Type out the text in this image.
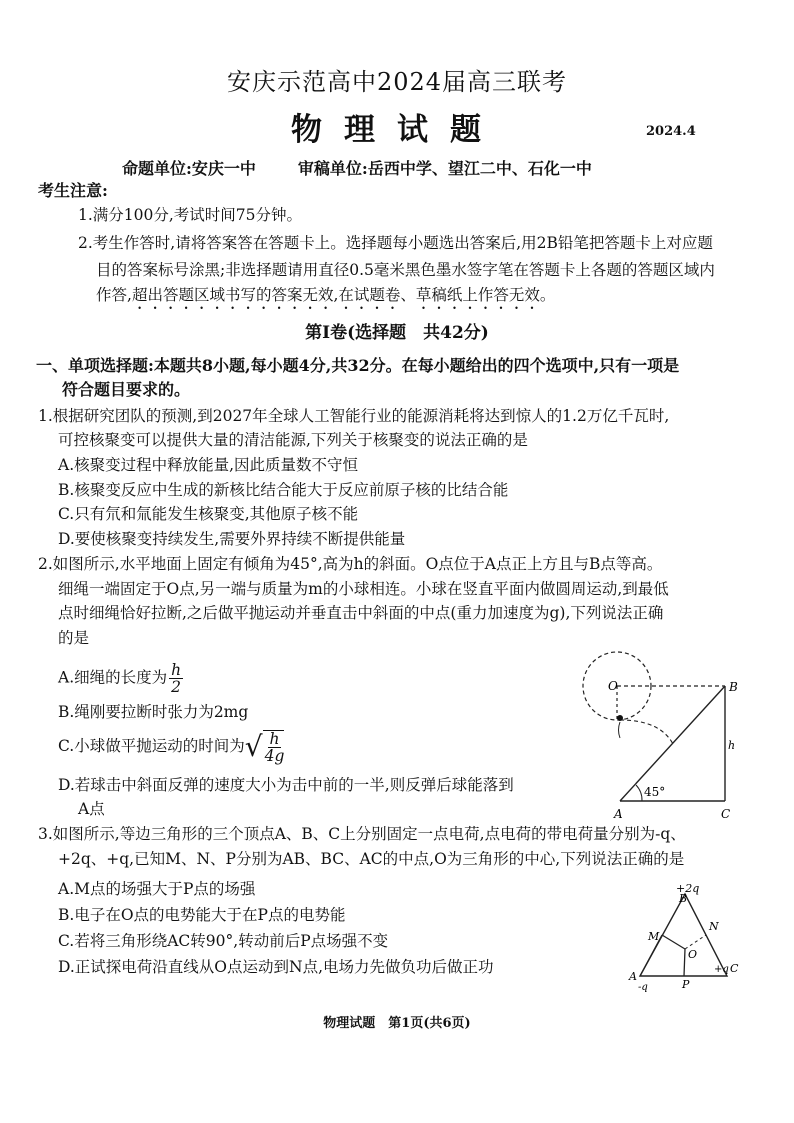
安庆示范高中2024届高三联考
物理试题	2024.4
命题单位:安庆一中	审稿单位:岳西中学、望江二中、石化一中
考生注意:
1.满分100分,考试时间75分钟。
2.考生作答时,请将答案答在答题卡上。选择题每小题选出答案后,用2B铅笔把答题卡上对应题
目的答案标号涂黑;非选择题请用直径0.5毫米黑色墨水签字笔在答题卡上各题的答题区域内
作答,超出答题区域书写的答案无效,在试题卷、草稿纸上作答无效。
第Ⅰ卷(选择题　共42分)
一、单项选择题:本题共8小题,每小题4分,共32分。在每小题给出的四个选项中,只有一项是
符合题目要求的。
1.根据研究团队的预测,到2027年全球人工智能行业的能源消耗将达到惊人的1.2万亿千瓦时,
可控核聚变可以提供大量的清洁能源,下列关于核聚变的说法正确的是
A.核聚变过程中释放能量,因此质量数不守恒
B.核聚变反应中生成的新核比结合能大于反应前原子核的比结合能
C.只有氘和氚能发生核聚变,其他原子核不能
D.要使核聚变持续发生,需要外界持续不断提供能量
2.如图所示,水平地面上固定有倾角为45°,高为h的斜面。O点位于A点正上方且与B点等高。
细绳一端固定于O点,另一端与质量为m的小球相连。小球在竖直平面内做圆周运动,到最低
点时细绳恰好拉断,之后做平抛运动并垂直击中斜面的中点(重力加速度为g),下列说法正确
的是
A.细绳的长度为 $\frac{h}{2}$
B.绳刚要拉断时张力为2mg
C.小球做平抛运动的时间为 √ $\frac{h}{4g}$
D.若球击中斜面反弹的速度大小为击中前的一半,则反弹后球能落到
A点
O	B
A	C
h
45°
3.如图所示,等边三角形的三个顶点A、B、C上分别固定一点电荷,点电荷的带电荷量分别为-q、
+2q、+q,已知M、N、P分别为AB、BC、AC的中点,O为三角形的中心,下列说法正确的是
A.M点的场强大于P点的场强
B.电子在O点的电势能大于在P点的电势能
C.若将三角形绕AC转90°,转动前后P点场强不变
D.正试探电荷沿直线从O点运动到N点,电场力先做负功后做正功
+2q
B
M
N
O
P
A
-q
C
+q
物理试题　第1页(共6页)
